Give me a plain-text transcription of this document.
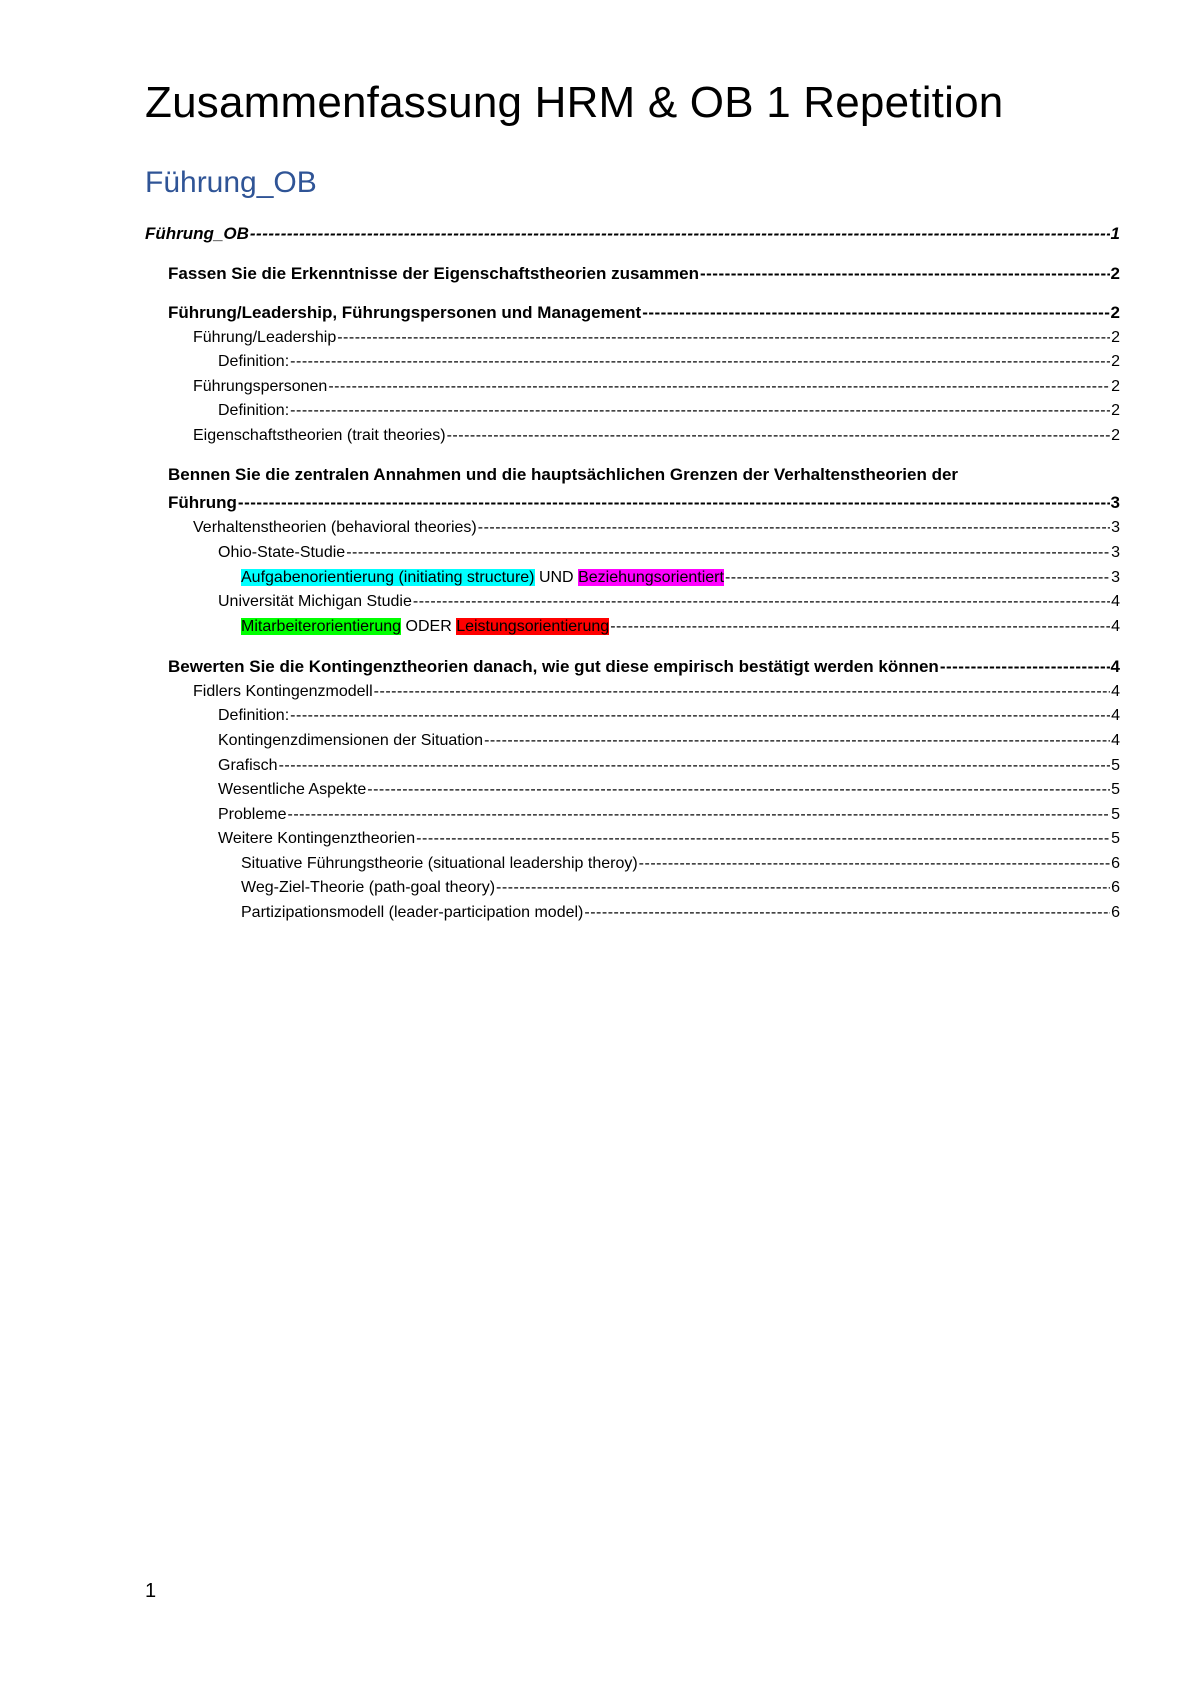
Zusammenfassung HRM & OB 1 Repetition
Führung_OB
Führung_OB -----	1
Fassen Sie die Erkenntnisse der Eigenschaftstheorien zusammen -----	2
Führung/Leadership, Führungspersonen und Management -----	2
Führung/Leadership -----	2
Definition: -----	2
Führungspersonen -----	2
Definition: -----	2
Eigenschaftstheorien (trait theories) -----	2
Bennen Sie die zentralen Annahmen und die hauptsächlichen Grenzen der Verhaltenstheorien der
Führung -----	3
Verhaltenstheorien (behavioral theories) -----	3
Ohio-State-Studie -----	3
Aufgabenorientierung (initiating structure) UND Beziehungsorientiert -----	3
Universität Michigan Studie -----	4
Mitarbeiterorientierung ODER Leistungsorientierung -----	4
Bewerten Sie die Kontingenztheorien danach, wie gut diese empirisch bestätigt werden können -----	4
Fidlers Kontingenzmodell -----	4
Definition: -----	4
Kontingenzdimensionen der Situation -----	4
Grafisch -----	5
Wesentliche Aspekte -----	5
Probleme -----	5
Weitere Kontingenztheorien -----	5
Situative Führungstheorie (situational leadership theroy) -----	6
Weg-Ziel-Theorie (path-goal theory) -----	6
Partizipationsmodell (leader-participation model) -----	6
1
